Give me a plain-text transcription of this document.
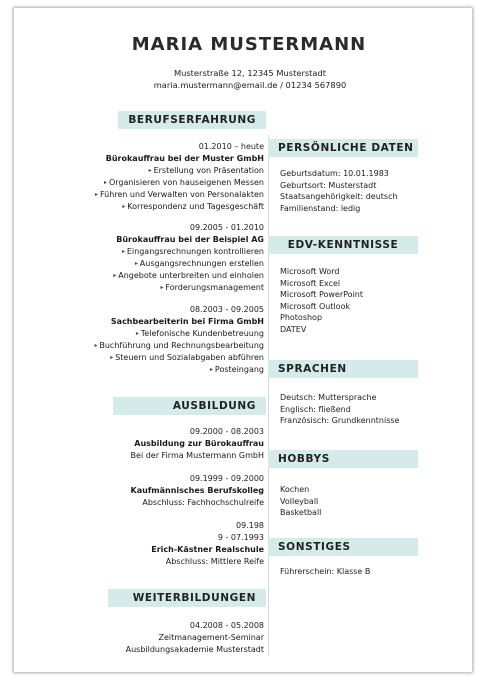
MARIA MUSTERMANN
Musterstraße 12, 12345 Musterstadt
maria.mustermann@email.de / 01234 567890
BERUFSERFAHRUNG
01.2010 – heute
Bürokauffrau bei der Muster GmbH
▸ Erstellung von Präsentation
▸ Organisieren von hauseigenen Messen
▸ Führen und Verwalten von Personalakten
▸ Korrespondenz und Tagesgeschäft
09.2005 - 01.2010
Bürokauffrau bei der Beispiel AG
▸ Eingangsrechnungen kontrollieren
▸ Ausgangsrechnungen erstellen
▸ Angebote unterbreiten und einholen
▸ Forderungsmanagement
08.2003 - 09.2005
Sachbearbeiterin bei Firma GmbH
▸ Telefonische Kundenbetreuung
▸ Buchführung und Rechnungsbearbeitung
▸ Steuern und Sozialabgaben abführen
▸ Posteingang
AUSBILDUNG
09.2000 - 08.2003
Ausbildung zur Bürokauffrau
Bei der Firma Mustermann GmbH
09.1999 - 09.2000
Kaufmännisches Berufskolleg
Abschluss: Fachhochschulreife
09.198
9 - 07.1993
Erich-Kästner Realschule
Abschluss: Mittlere Reife
WEITERBILDUNGEN
04.2008 - 05.2008
Zeitmanagement-Seminar
Ausbildungsakademie Musterstadt
PERSÖNLICHE DATEN
Geburtsdatum: 10.01.1983
Geburtsort: Musterstadt
Staatsangehörigkeit: deutsch
Familienstand: ledig
EDV-KENNTNISSE
Microsoft Word
Microsoft Excel
Microsoft PowerPoint
Microsoft Outlook
Photoshop
DATEV
SPRACHEN
Deutsch: Muttersprache
Englisch: fließend
Französisch: Grundkenntnisse
HOBBYS
Kochen
Volleyball
Basketball
SONSTIGES
Führerschein: Klasse B
